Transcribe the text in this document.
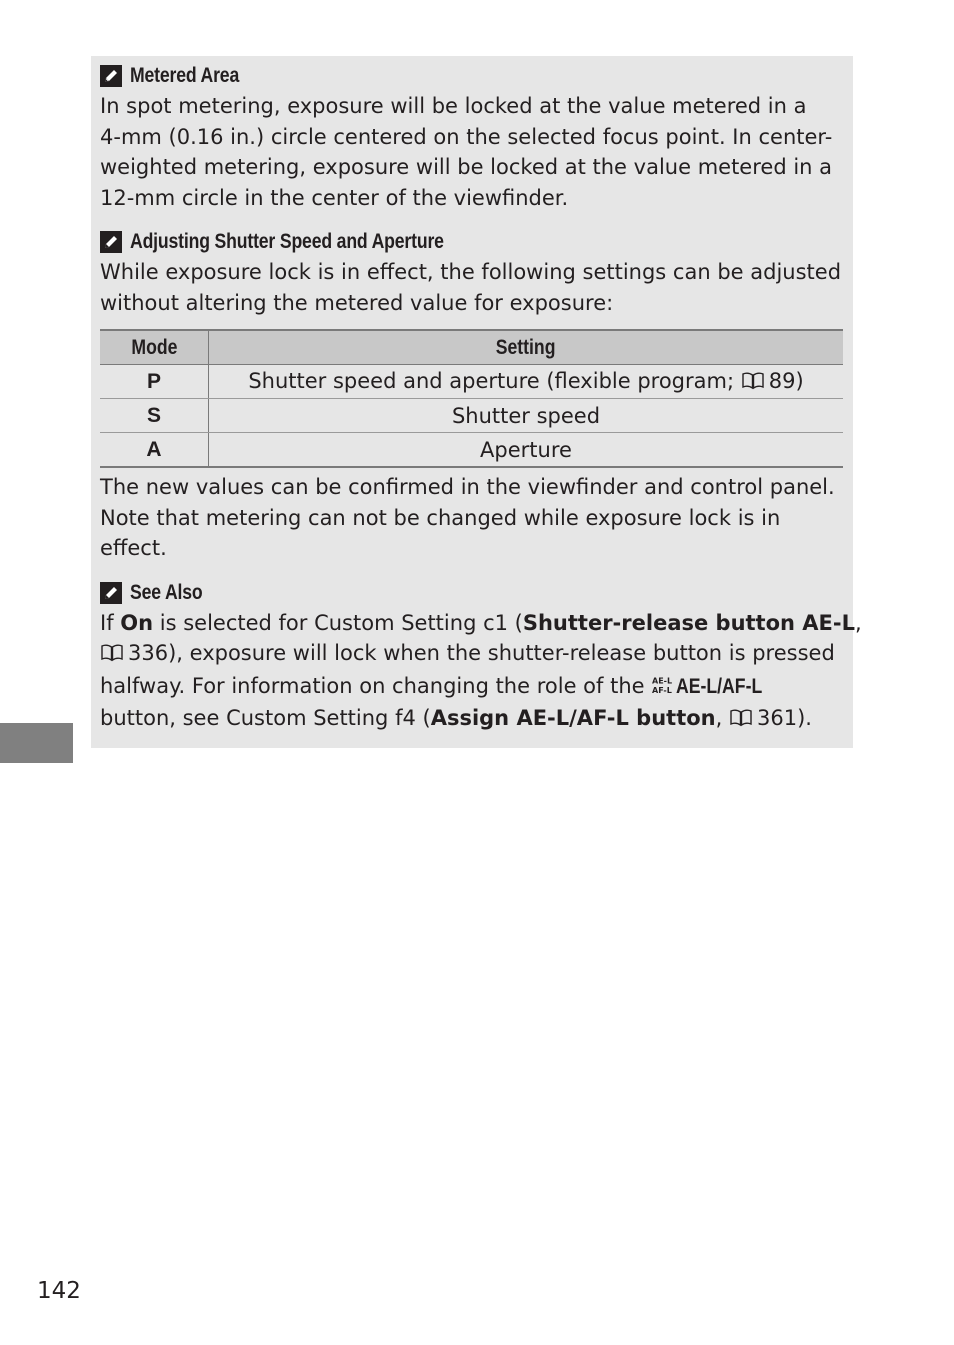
Metered Area

In spot metering, exposure will be locked at the value metered in a
4-mm (0.16 in.) circle centered on the selected focus point. In center-
weighted metering, exposure will be locked at the value metered in a
12-mm circle in the center of the viewfinder.

Adjusting Shutter Speed and Aperture

While exposure lock is in effect, the following settings can be adjusted
without altering the metered value for exposure:

Mode	Setting
P	Shutter speed and aperture (flexible program; 89)
S	Shutter speed
A	Aperture

The new values can be confirmed in the viewfinder and control panel.
Note that metering can not be changed while exposure lock is in
effect.

See Also

If On is selected for Custom Setting c1 (Shutter-release button AE-L,
336), exposure will lock when the shutter-release button is pressed
halfway. For information on changing the role of the AE-L
AF-L AE-L/AF-L
button, see Custom Setting f4 (Assign AE-L/AF-L button, 361).

142
